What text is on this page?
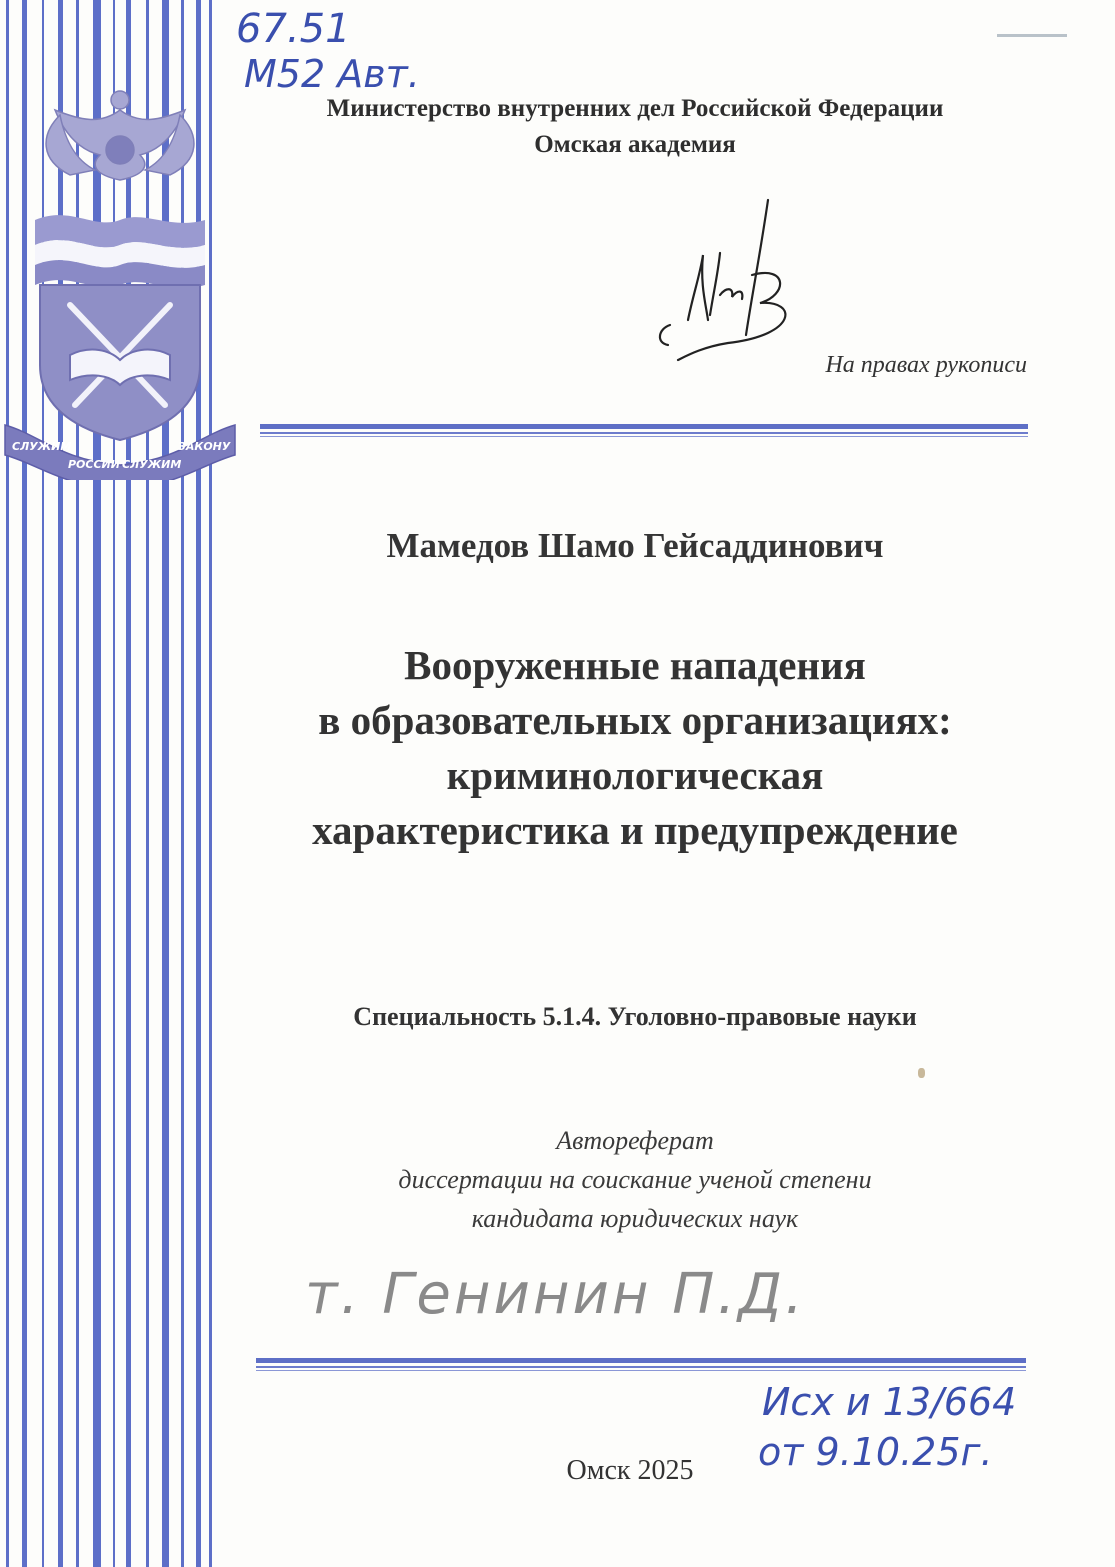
СЛУЖИМ
РОССИИ СЛУЖИМ
ЗАКОНУ
67.51
М52 Авт.
Министерство внутренних дел Российской Федерации
Омская академия
На правах рукописи
Мамедов Шамо Гейсаддинович
Вооруженные нападения
в образовательных организациях:
криминологическая
характеристика и предупреждение
Специальность 5.1.4. Уголовно-правовые науки
Автореферат
диссертации на соискание ученой степени
кандидата юридических наук
т. Генинин П.Д.
Исх и 13/664
от 9.10.25г.
Омск 2025
